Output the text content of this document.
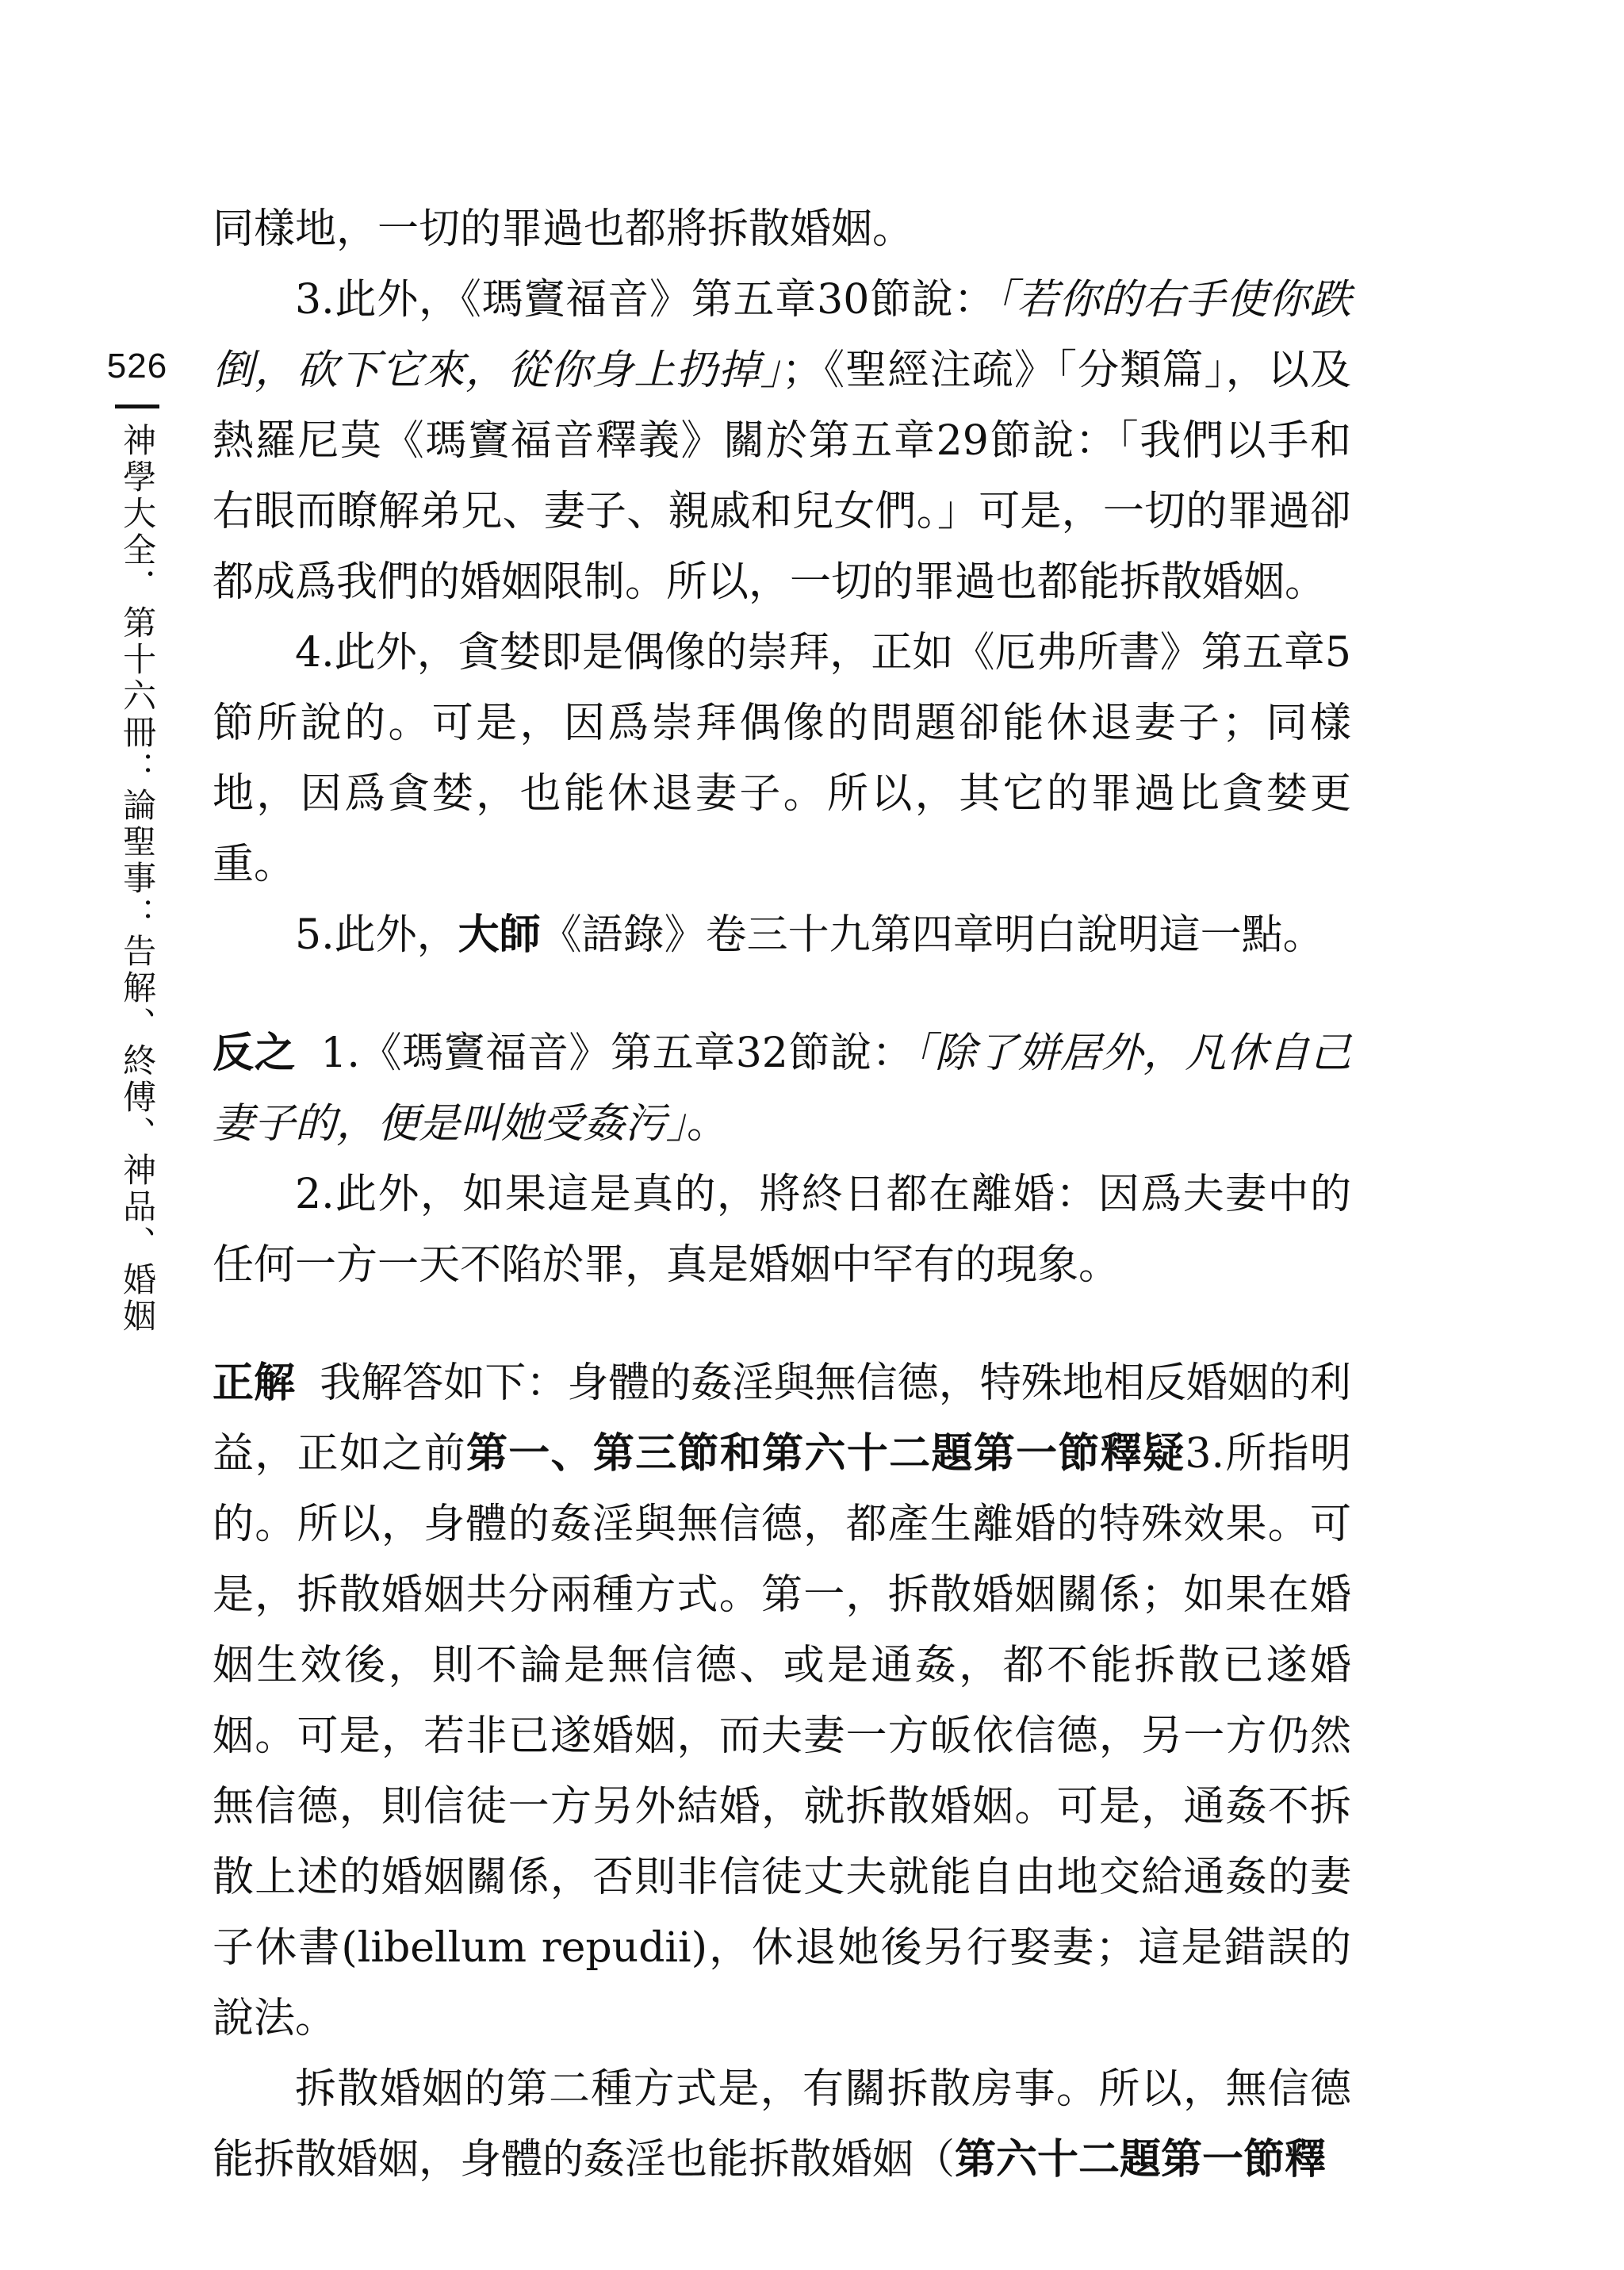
526
神學大全．第十六冊：論聖事：告解、終傅、神品、婚姻

同樣地，一切的罪過也都將拆散婚姻。

3.此外，《瑪竇福音》第五章30節說：「若你的右手使你跌倒，砍下它來，從你身上扔掉」；《聖經注疏》「分類篇」，以及熱羅尼莫《瑪竇福音釋義》關於第五章29節說：「我們以手和右眼而瞭解弟兄、妻子、親戚和兒女們。」可是，一切的罪過卻都成爲我們的婚姻限制。所以，一切的罪過也都能拆散婚姻。

4.此外，貪婪即是偶像的崇拜，正如《厄弗所書》第五章5節所說的。可是，因爲崇拜偶像的問題卻能休退妻子；同樣地，因爲貪婪，也能休退妻子。所以，其它的罪過比貪婪更重。

5.此外，大師《語錄》卷三十九第四章明白說明這一點。

反之 1.《瑪竇福音》第五章32節說：「除了姘居外，凡休自己妻子的，便是叫她受姦污」。

2.此外，如果這是真的，將終日都在離婚：因爲夫妻中的任何一方一天不陷於罪，真是婚姻中罕有的現象。

正解 我解答如下：身體的姦淫與無信德，特殊地相反婚姻的利益，正如之前第一、第三節和第六十二題第一節釋疑3.所指明的。所以，身體的姦淫與無信德，都產生離婚的特殊效果。可是，拆散婚姻共分兩種方式。第一，拆散婚姻關係；如果在婚姻生效後，則不論是無信德、或是通姦，都不能拆散已遂婚姻。可是，若非已遂婚姻，而夫妻一方皈依信德，另一方仍然無信德，則信徒一方另外結婚，就拆散婚姻。可是，通姦不拆散上述的婚姻關係，否則非信徒丈夫就能自由地交給通姦的妻子休書(libellum repudii)，休退她後另行娶妻；這是錯誤的說法。

拆散婚姻的第二種方式是，有關拆散房事。所以，無信德能拆散婚姻，身體的姦淫也能拆散婚姻（第六十二題第一節釋
